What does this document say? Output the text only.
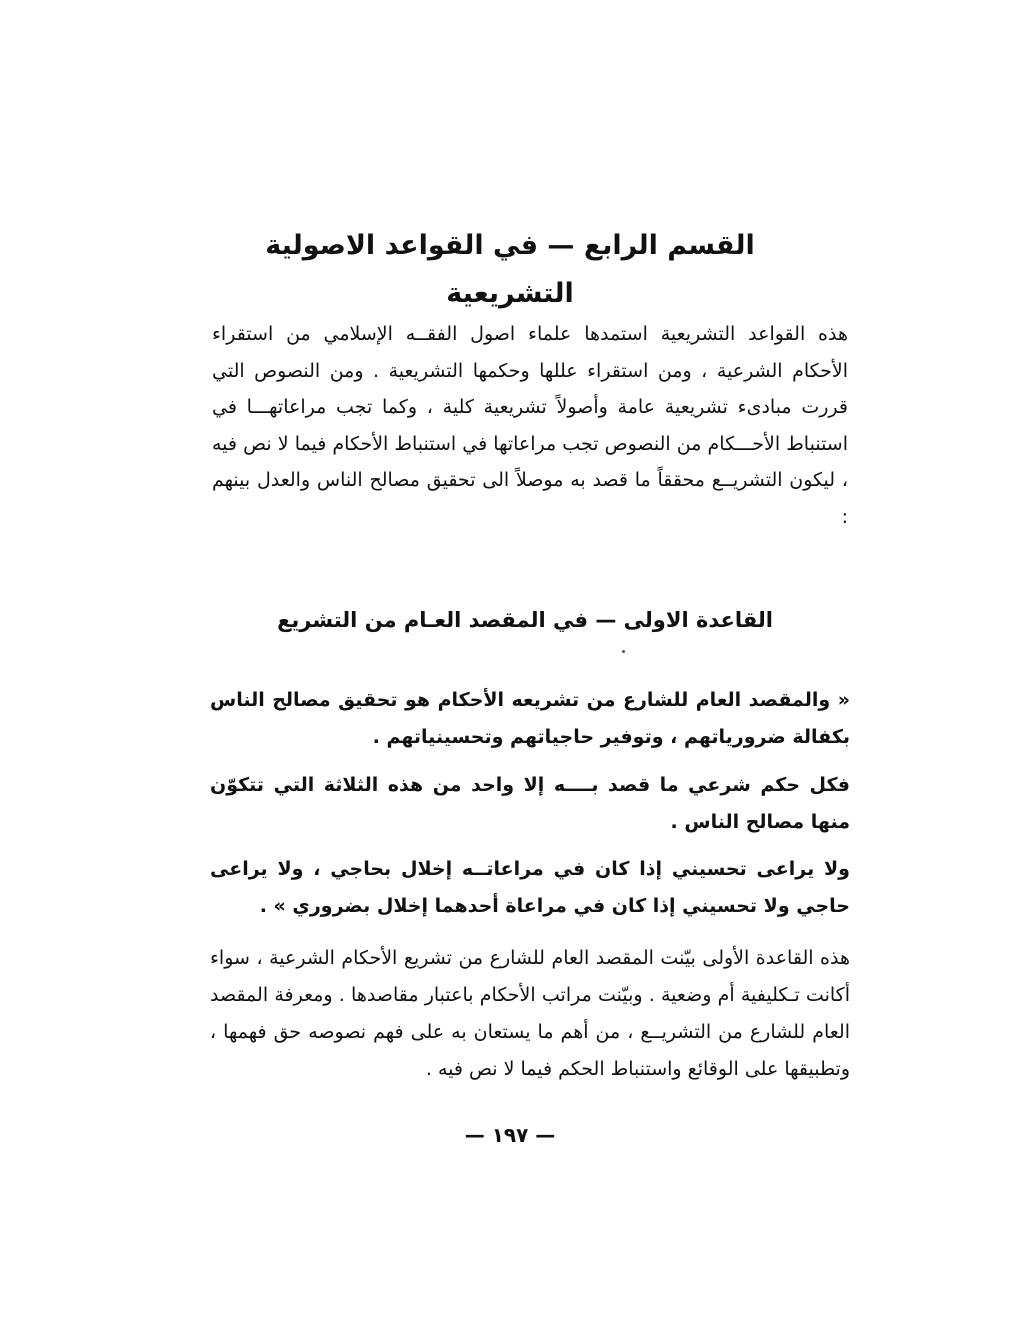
القسم الرابع — في القواعد الاصولية التشريعية

هذه القواعد التشريعية استمدها علماء اصول الفقــه الإسلامي من استقراء الأحكام الشرعية ، ومن استقراء عللها وحكمها التشريعية . ومن النصوص التي قررت مبادىء تشريعية عامة وأصولاً تشريعية كلية ، وكما تجب مراعاتهـــا في استنباط الأحـــكام من النصوص تجب مراعاتها في استنباط الأحكام فيما لا نص فيه ، ليكون التشريــع محققاً ما قصد به موصلاً الى تحقيق مصالح الناس والعدل بينهم :

القاعدة الاولى — في المقصد العـام من التشريع

« والمقصد العام للشارع من تشريعه الأحكام هو تحقيق مصالح الناس بكفالة ضرورياتهم ، وتوفير حاجياتهم وتحسينياتهم .

فكل حكم شرعي ما قصد بــــه إلا واحد من هذه الثلاثة التي تتكوّن منها مصالح الناس .

ولا يراعى تحسيني إذا كان في مراعاتــه إخلال بحاجي ، ولا يراعى حاجي ولا تحسيني إذا كان في مراعاة أحدهما إخلال بضروري » .

هذه القاعدة الأولى بيّنت المقصد العام للشارع من تشريع الأحكام الشرعية ، سواء أكانت تـكليفية أم وضعية . وبيّنت مراتب الأحكام باعتبار مقاصدها . ومعرفة المقصد العام للشارع من التشريــع ، من أهم ما يستعان به على فهم نصوصه حق فهمها ، وتطبيقها على الوقائع واستنباط الحكم فيما لا نص فيه .

— ١٩٧ —
